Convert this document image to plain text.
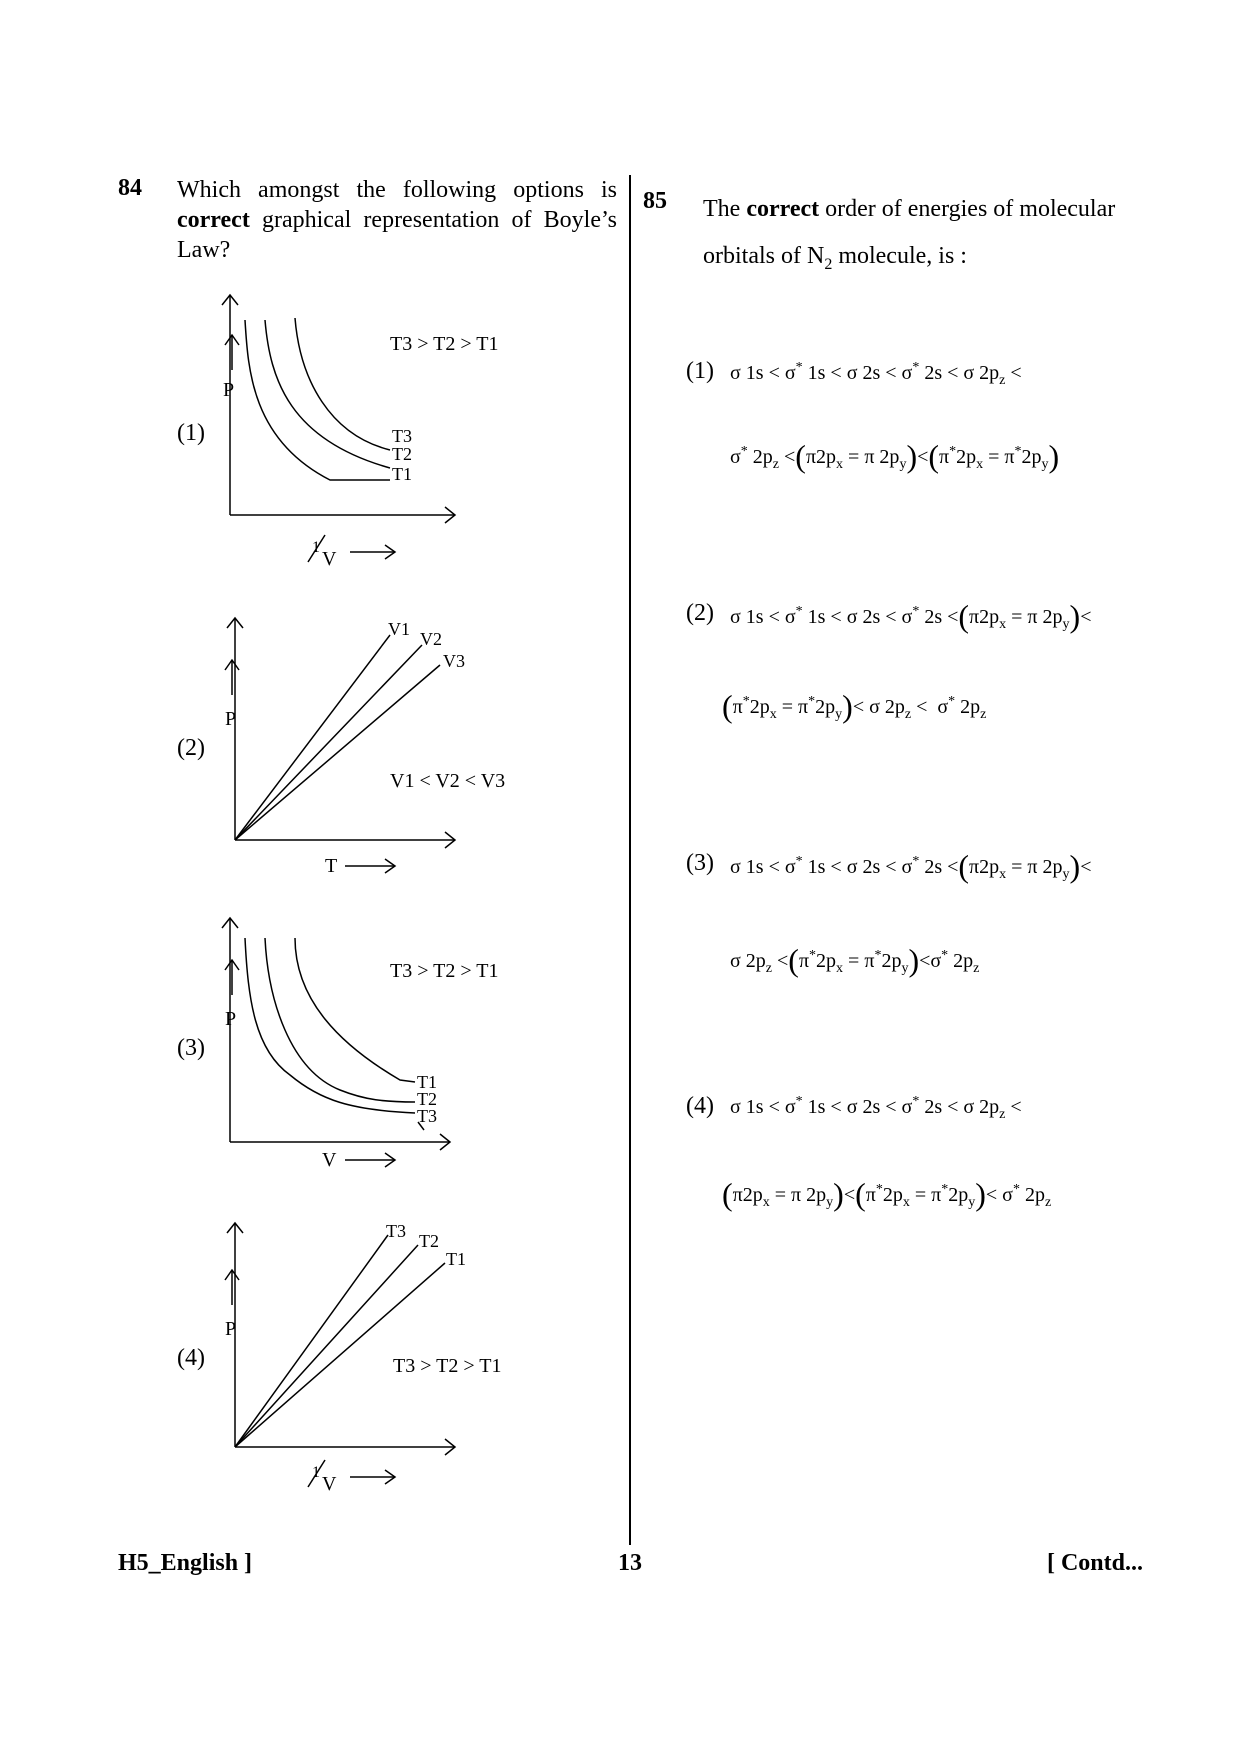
84 Which amongst the following options is correct graphical representation of Boyle’s Law?
(1)
P
1
V
T3 > T2 > T1
T3
T2
T1
(2)
P
T
V1 < V2 < V3
V1 V2
V3
(3)
P
V
T3 > T2 > T1
T1
T2
T3
(4)
P
1
V
T3 > T2 > T1
T3 T2
T1
85 The correct order of energies of molecular orbitals of $N_2$ molecule, is :
(1) σ 1s < σ* 1s < σ 2s < σ* 2s < σ $2p_z$ <
σ* $2p_z <(\pi 2p_x = \pi$ $2p_y)<(\pi^*2p_x = \pi^*2p_y)$
(2) σ 1s < σ* 1s < σ 2s < σ* $2s <(\pi 2p_x = \pi$ $2p_y)<$
$(\pi^*2p_x = \pi^*2p_y)< \sigma$ $2p_z < \sigma^*$ $2p_z$
(3) σ 1s < σ* 1s < σ 2s < σ* $2s <(\pi 2p_x = \pi$ $2p_y)<$
σ $2p_z <(\pi^*2p_x = \pi^*2p_y)<\sigma^*$ $2p_z$
(4) σ 1s < σ* 1s < σ 2s < σ* 2s < σ $2p_z$ <
($\pi 2p_x = \pi$ $2p_y)<(\pi^*2p_x = \pi^*2p_y)< \sigma^*$ $2p_z$
H5_English ]	13	[ Contd...
